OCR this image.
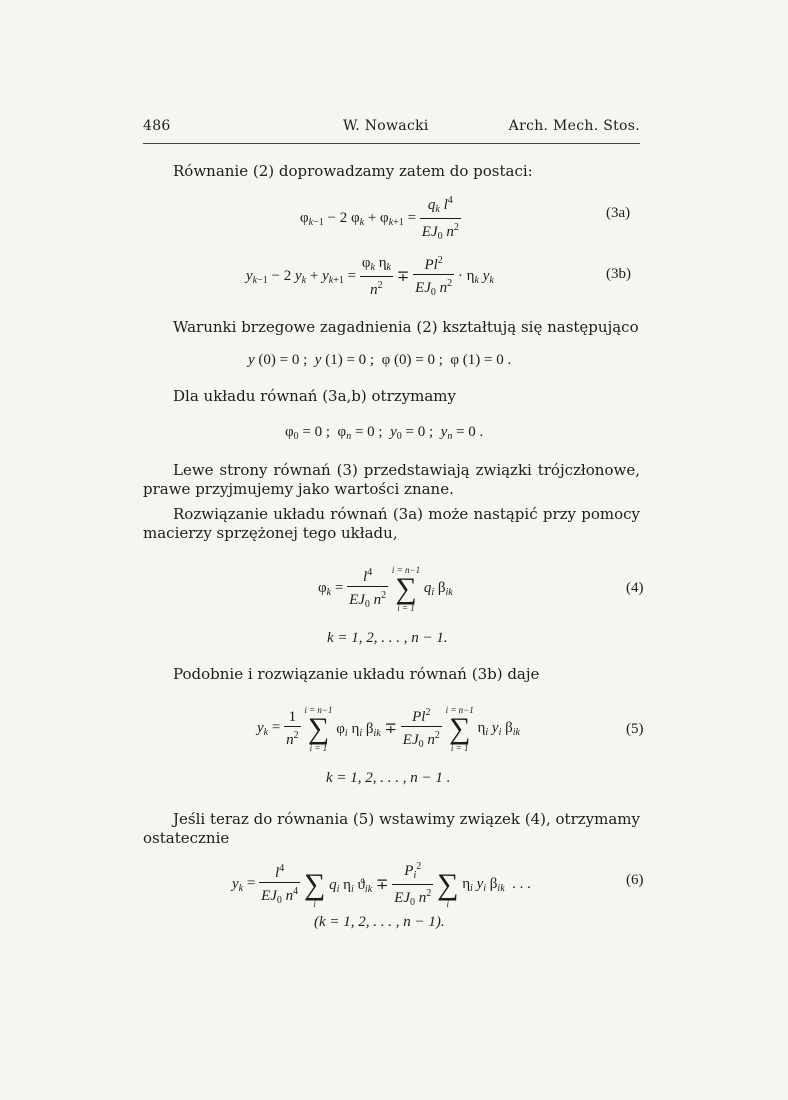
486	W. Nowacki	Arch. Mech. Stos.
Równanie (2) doprowadzamy zatem do postaci:
$\varphi_{k-1} - 2$ $\varphi_k + \varphi_{k+1} = \frac{q_k l^4}{EJ_0 n^2}$	(3a)
$y_{k-1} - 2$ $y_k + y_{k+1} = \frac{\varphi_k \eta_k}{n^2} \mp \frac{Pl^2}{EJ_0 n^2} \cdot \eta_k$ $y_k$	(3b)
Warunki brzegowe zagadnienia (2) kształtują się następująco
y (0) = 0 ;  y (1) = 0 ;  φ (0) = 0 ;  φ (1) = 0 .
Dla układu równań (3a,b) otrzymamy
$\varphi_0 = 0$ ;  $\varphi_n = 0$ ;  $y_0 = 0$ ;  $y_n = 0$ .
Lewe strony równań (3) przedstawiają związki trójczłonowe, prawe przyjmujemy jako wartości znane.
Rozwiązanie układu równań (3a) może nastąpić przy pomocy macierzy sprzężonej tego układu,
$\varphi_k = \frac{l^4}{EJ_0 n^2}$
i = n−1
∑
i = 1
$q_i$ $\beta_{ik}$	(4)
k = 1, 2, . . . , n − 1.
Podobnie i rozwiązanie układu równań (3b) daje
$y_k = \frac{1}{n^2}$
i = n−1
∑
i = 1
$\varphi_i$ $\eta_i$ $\beta_{ik} \mp \frac{Pl^2}{EJ_0 n^2}$
i = n−1
∑
i = 1
$\eta_i$ $y_i$ $\beta_{ik}$	(5)
k = 1, 2, . . . , n − 1 .
Jeśli teraz do równania (5) wstawimy związek (4), otrzymamy ostatecznie
$y_k = \frac{l^4}{EJ_0 n^4}$
∑
i
$q_i$ $\eta_i$ $ϑ_{ik} \mp \frac{P_i^2}{EJ_0 n^2}$
∑
i
$\eta_i$ $y_i$ $\beta_{ik}$  . . .	(6)
(k = 1, 2, . . . , n − 1).
